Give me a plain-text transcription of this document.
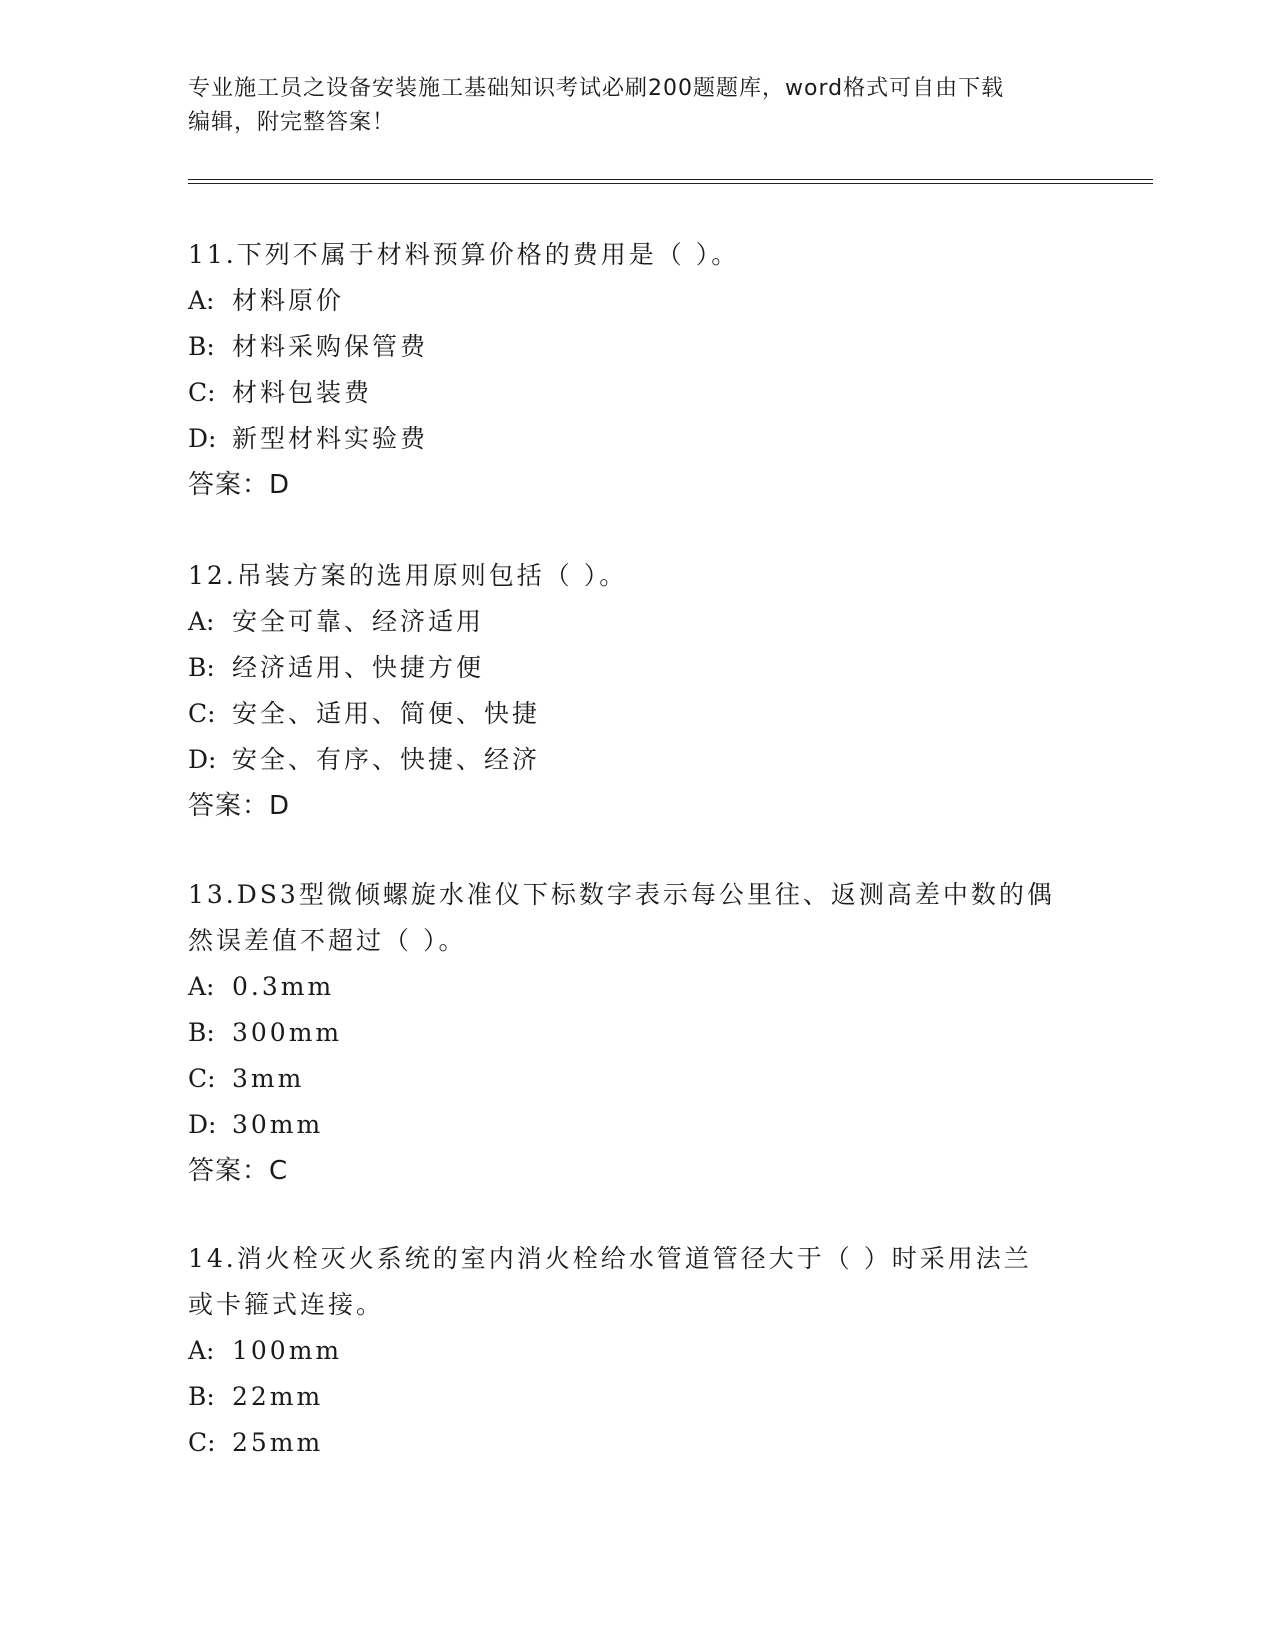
专业施工员之设备安装施工基础知识考试必刷200题题库，word格式可自由下载
编辑，附完整答案！

11.下列不属于材料预算价格的费用是（ ）。

A: 材料原价

B: 材料采购保管费

C: 材料包装费

D: 新型材料实验费

答案：D

12.吊装方案的选用原则包括（ ）。

A: 安全可靠、经济适用

B: 经济适用、快捷方便

C: 安全、适用、简便、快捷

D: 安全、有序、快捷、经济

答案：D

13.DS3型微倾螺旋水准仪下标数字表示每公里往、返测高差中数的偶

然误差值不超过（ ）。

A: 0.3mm

B: 300mm

C: 3mm

D: 30mm

答案：C

14.消火栓灭火系统的室内消火栓给水管道管径大于（ ）时采用法兰

或卡箍式连接。

A: 100mm

B: 22mm

C: 25mm
